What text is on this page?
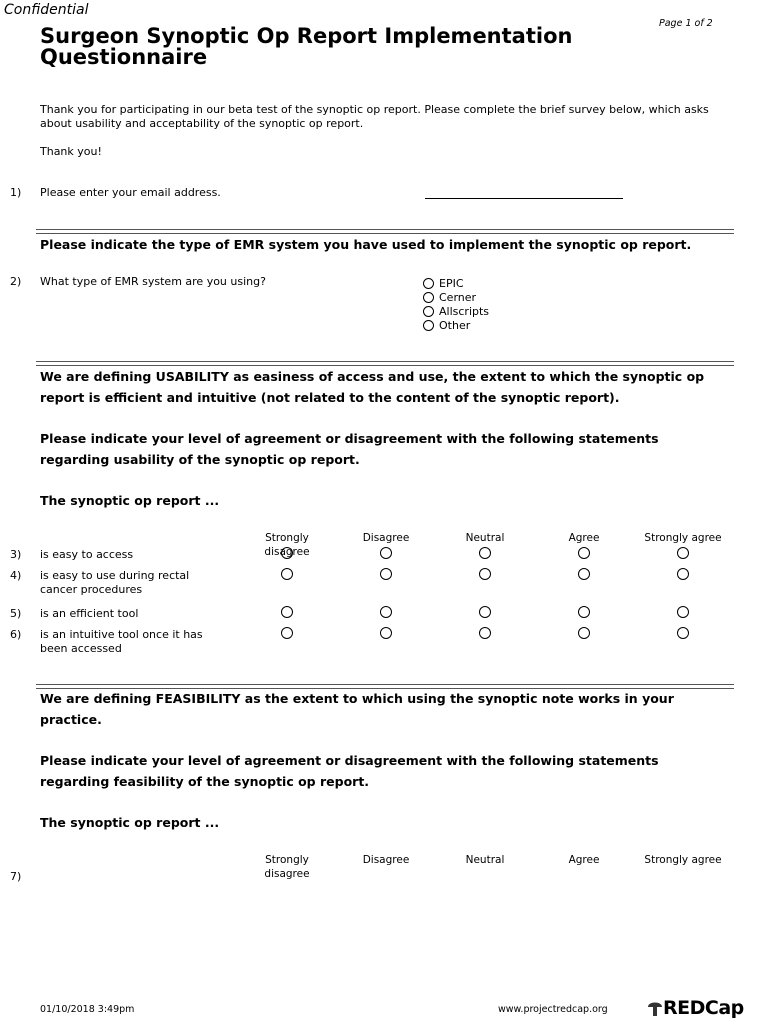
Confidential
Page 1 of 2
Surgeon Synoptic Op Report Implementation Questionnaire
Thank you for participating in our beta test of the synoptic op report. Please complete the brief survey below, which asks about usability and acceptability of the synoptic op report.
Thank you!
1) Please enter your email address.
Please indicate the type of EMR system you have used to implement the synoptic op report.
2) What type of EMR system are you using?	EPIC
Cerner
Allscripts
Other
We are defining USABILITY as easiness of access and use, the extent to which the synoptic op report is efficient and intuitive (not related to the content of the synoptic report).
Please indicate your level of agreement or disagreement with the following statements regarding usability of the synoptic op report.
The synoptic op report ...
Strongly disagree
Disagree	Neutral	Agree	Strongly agree
3) is easy to access
4) is easy to use during rectal cancer procedures
5) is an efficient tool
6) is an intuitive tool once it has been accessed
We are defining FEASIBILITY as the extent to which using the synoptic note works in your practice.
Please indicate your level of agreement or disagreement with the following statements regarding feasibility of the synoptic op report.
The synoptic op report ...
Strongly disagree
Disagree	Neutral	Agree	Strongly agree
7)
01/10/2018 3:49pm	www.projectredcap.org	REDCap
